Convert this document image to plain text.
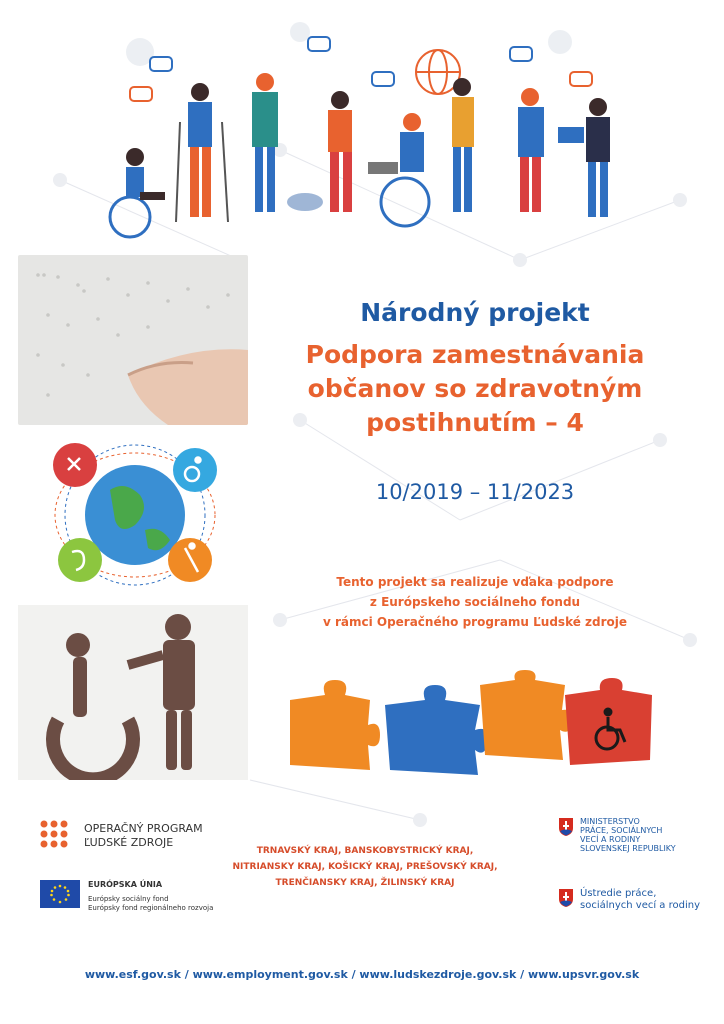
Národný projekt
Podpora zamestnávania
občanov so zdravotným
postihnutím – 4
10/2019 – 11/2023
Tento projekt sa realizuje vďaka podpore
z Európskeho sociálneho fondu
v rámci Operačného programu Ľudské zdroje
OPERAČNÝ PROGRAM
ĽUDSKÉ ZDROJE
EURÓPSKA ÚNIA
Európsky sociálny fond
Európsky fond regionálneho rozvoja
TRNAVSKÝ KRAJ, BANSKOBYSTRICKÝ KRAJ,
NITRIANSKY KRAJ, KOŠICKÝ KRAJ, PREŠOVSKÝ KRAJ,
TRENČIANSKY KRAJ, ŽILINSKÝ KRAJ
MINISTERSTVO
PRÁCE, SOCIÁLNYCH
VECÍ A RODINY
SLOVENSKEJ REPUBLIKY
Ústredie práce,
sociálnych vecí a rodiny
www.esf.gov.sk / www.employment.gov.sk / www.ludskezdroje.gov.sk / www.upsvr.gov.sk
